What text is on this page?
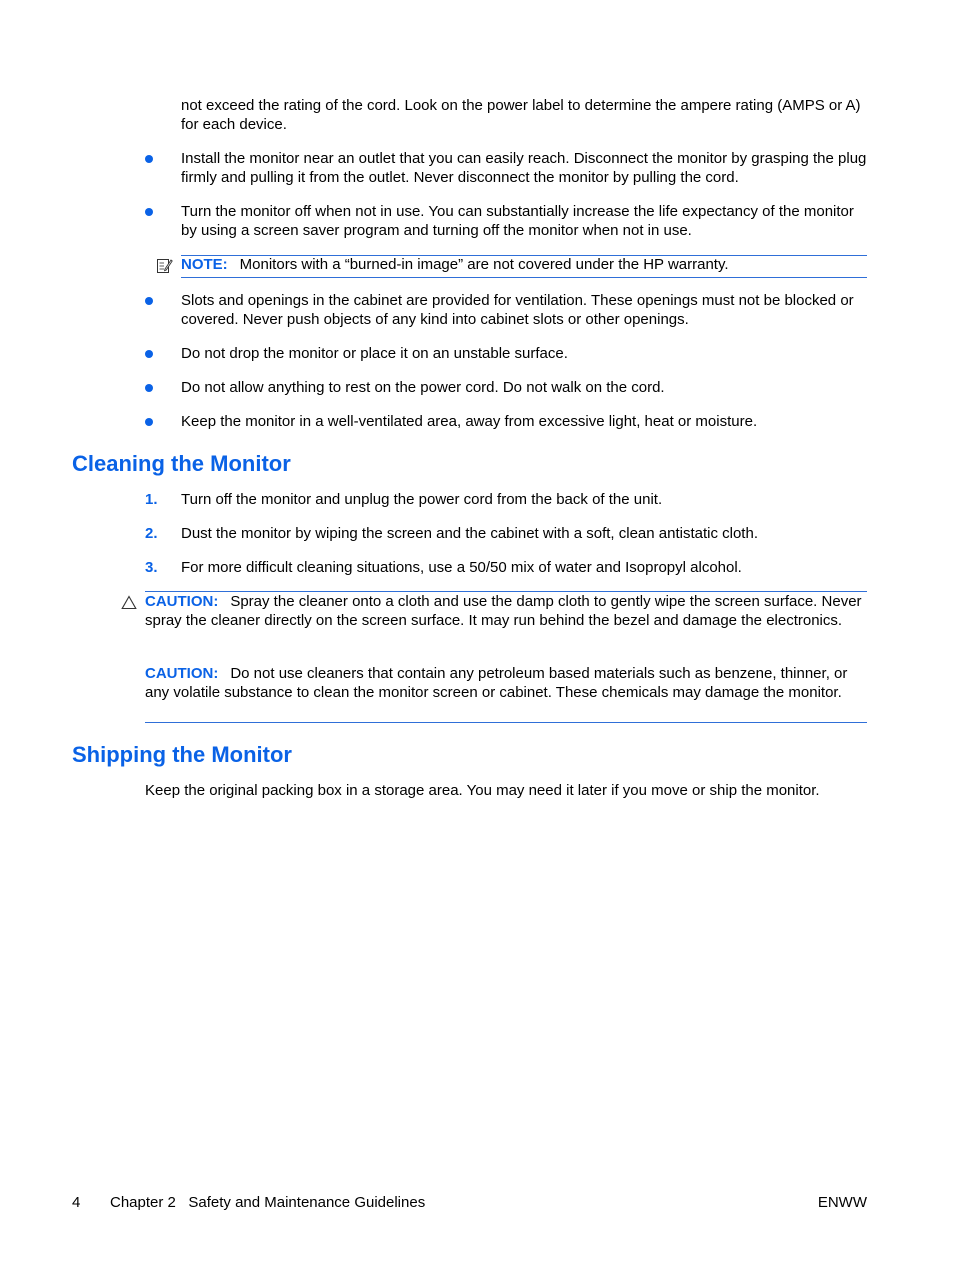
not exceed the rating of the cord. Look on the power label to determine the ampere rating (AMPS or A) for each device.
Install the monitor near an outlet that you can easily reach. Disconnect the monitor by grasping the plug firmly and pulling it from the outlet. Never disconnect the monitor by pulling the cord.
Turn the monitor off when not in use. You can substantially increase the life expectancy of the monitor by using a screen saver program and turning off the monitor when not in use.
NOTE: Monitors with a “burned-in image” are not covered under the HP warranty.
Slots and openings in the cabinet are provided for ventilation. These openings must not be blocked or covered. Never push objects of any kind into cabinet slots or other openings.
Do not drop the monitor or place it on an unstable surface.
Do not allow anything to rest on the power cord. Do not walk on the cord.
Keep the monitor in a well-ventilated area, away from excessive light, heat or moisture.
Cleaning the Monitor
1. Turn off the monitor and unplug the power cord from the back of the unit.
2. Dust the monitor by wiping the screen and the cabinet with a soft, clean antistatic cloth.
3. For more difficult cleaning situations, use a 50/50 mix of water and Isopropyl alcohol.
CAUTION: Spray the cleaner onto a cloth and use the damp cloth to gently wipe the screen surface. Never spray the cleaner directly on the screen surface. It may run behind the bezel and damage the electronics.
CAUTION: Do not use cleaners that contain any petroleum based materials such as benzene, thinner, or any volatile substance to clean the monitor screen or cabinet. These chemicals may damage the monitor.
Shipping the Monitor
Keep the original packing box in a storage area. You may need it later if you move or ship the monitor.
4 Chapter 2   Safety and Maintenance Guidelines	ENWW
